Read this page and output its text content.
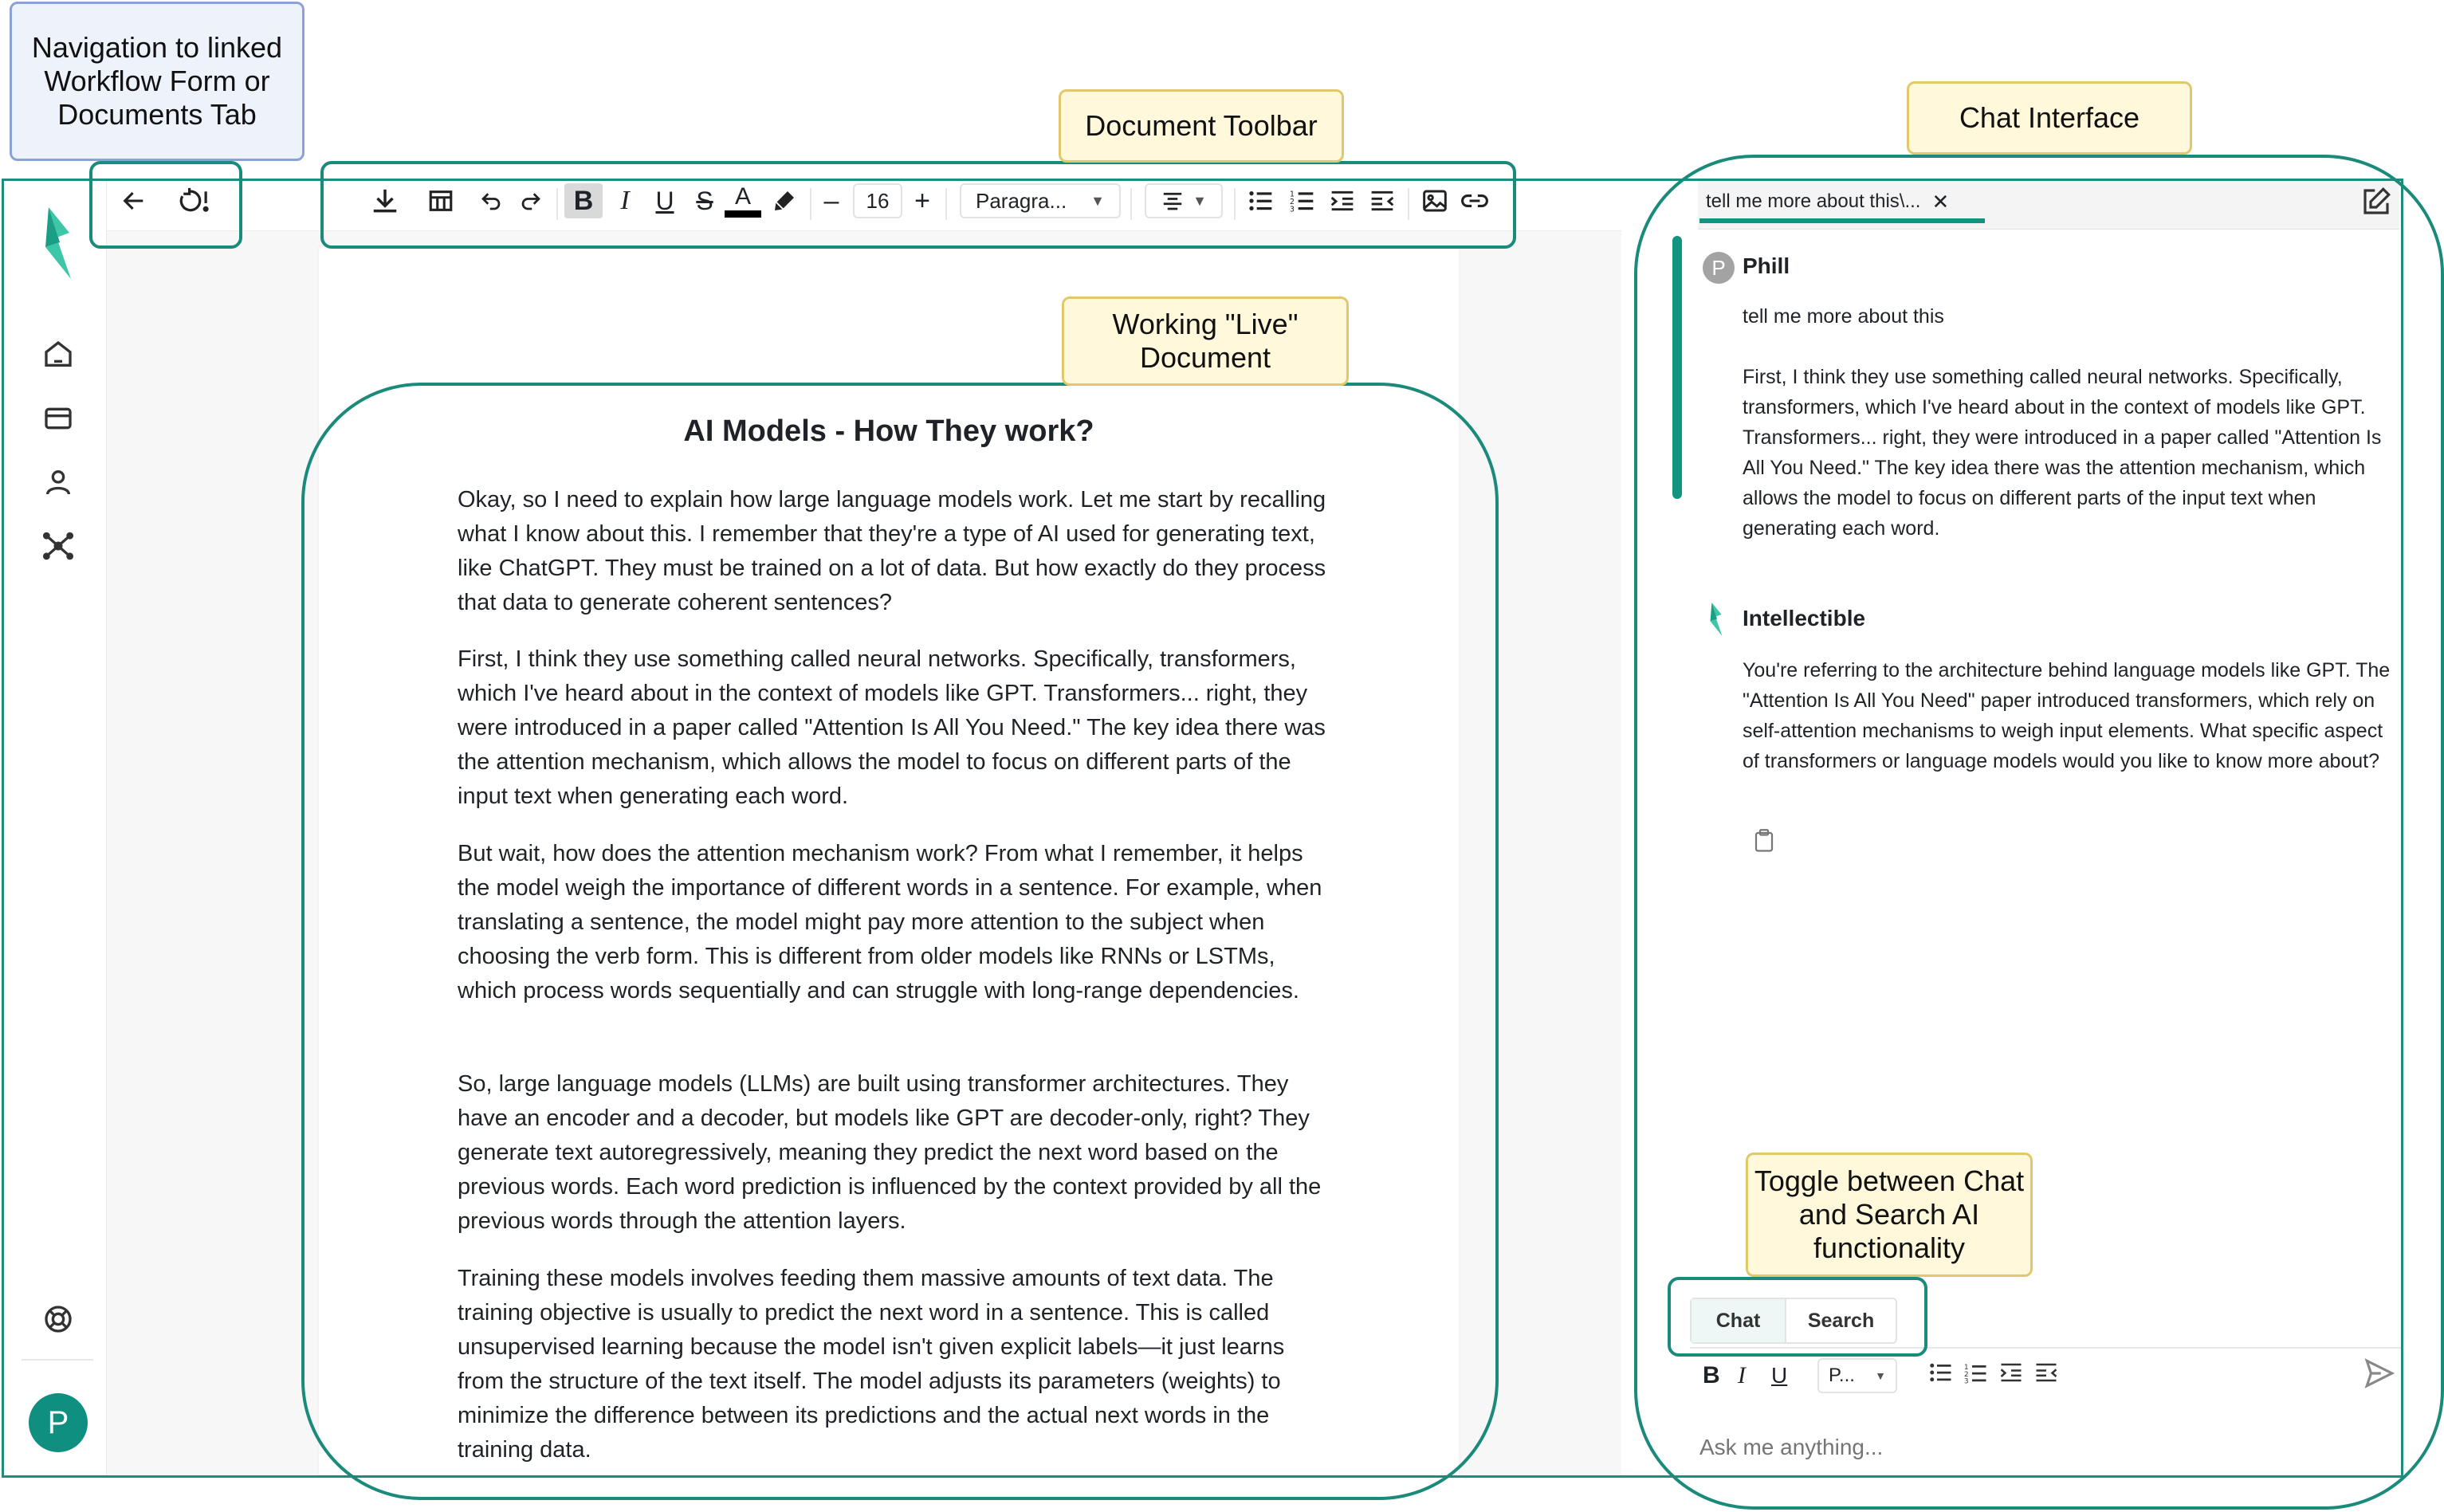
P
B	I	U S A	–	16 +	Paragra... ▼	▼	1
2
3
AI Models - How They work?
Okay, so I need to explain how large language models work. Let me start by recalling what I know about this. I remember that they're a type of AI used for generating text, like ChatGPT. They must be trained on a lot of data. But how exactly do they process that data to generate coherent sentences?
First, I think they use something called neural networks. Specifically, transformers, which I've heard about in the context of models like GPT. Transformers... right, they were introduced in a paper called "Attention Is All You Need." The key idea there was the attention mechanism, which allows the model to focus on different parts of the input text when generating each word.
But wait, how does the attention mechanism work? From what I remember, it helps the model weigh the importance of different words in a sentence. For example, when translating a sentence, the model might pay more attention to the subject when choosing the verb form. This is different from older models like RNNs or LSTMs, which process words sequentially and can struggle with long-range dependencies.
So, large language models (LLMs) are built using transformer architectures. They have an encoder and a decoder, but models like GPT are decoder-only, right? They generate text autoregressively, meaning they predict the next word based on the previous words. Each word prediction is influenced by the context provided by all the previous words through the attention layers.
Training these models involves feeding them massive amounts of text data. The training objective is usually to predict the next word in a sentence. This is called unsupervised learning because the model isn't given explicit labels—it just learns from the structure of the text itself. The model adjusts its parameters (weights) to minimize the difference between its predictions and the actual next words in the training data.
tell me more about this\... ✕
P Phill
tell me more about this
First, I think they use something called neural networks. Specifically, transformers, which I've heard about in the context of models like GPT. Transformers... right, they were introduced in a paper called "Attention Is All You Need." The key idea there was the attention mechanism, which allows the model to focus on different parts of the input text when generating each word.
Intellectible
You're referring to the architecture behind language models like GPT. The "Attention Is All You Need" paper introduced transformers, which rely on self-attention mechanisms to weigh input elements. What specific aspect of transformers or language models would you like to know more about?
Chat	Search
B I	U	P... ▼
1
2
3
Ask me anything...
Navigation to linked Workflow Form or Documents Tab	Document Toolbar	Chat Interface
Working "Live" Document
Toggle between Chat and Search AI functionality
